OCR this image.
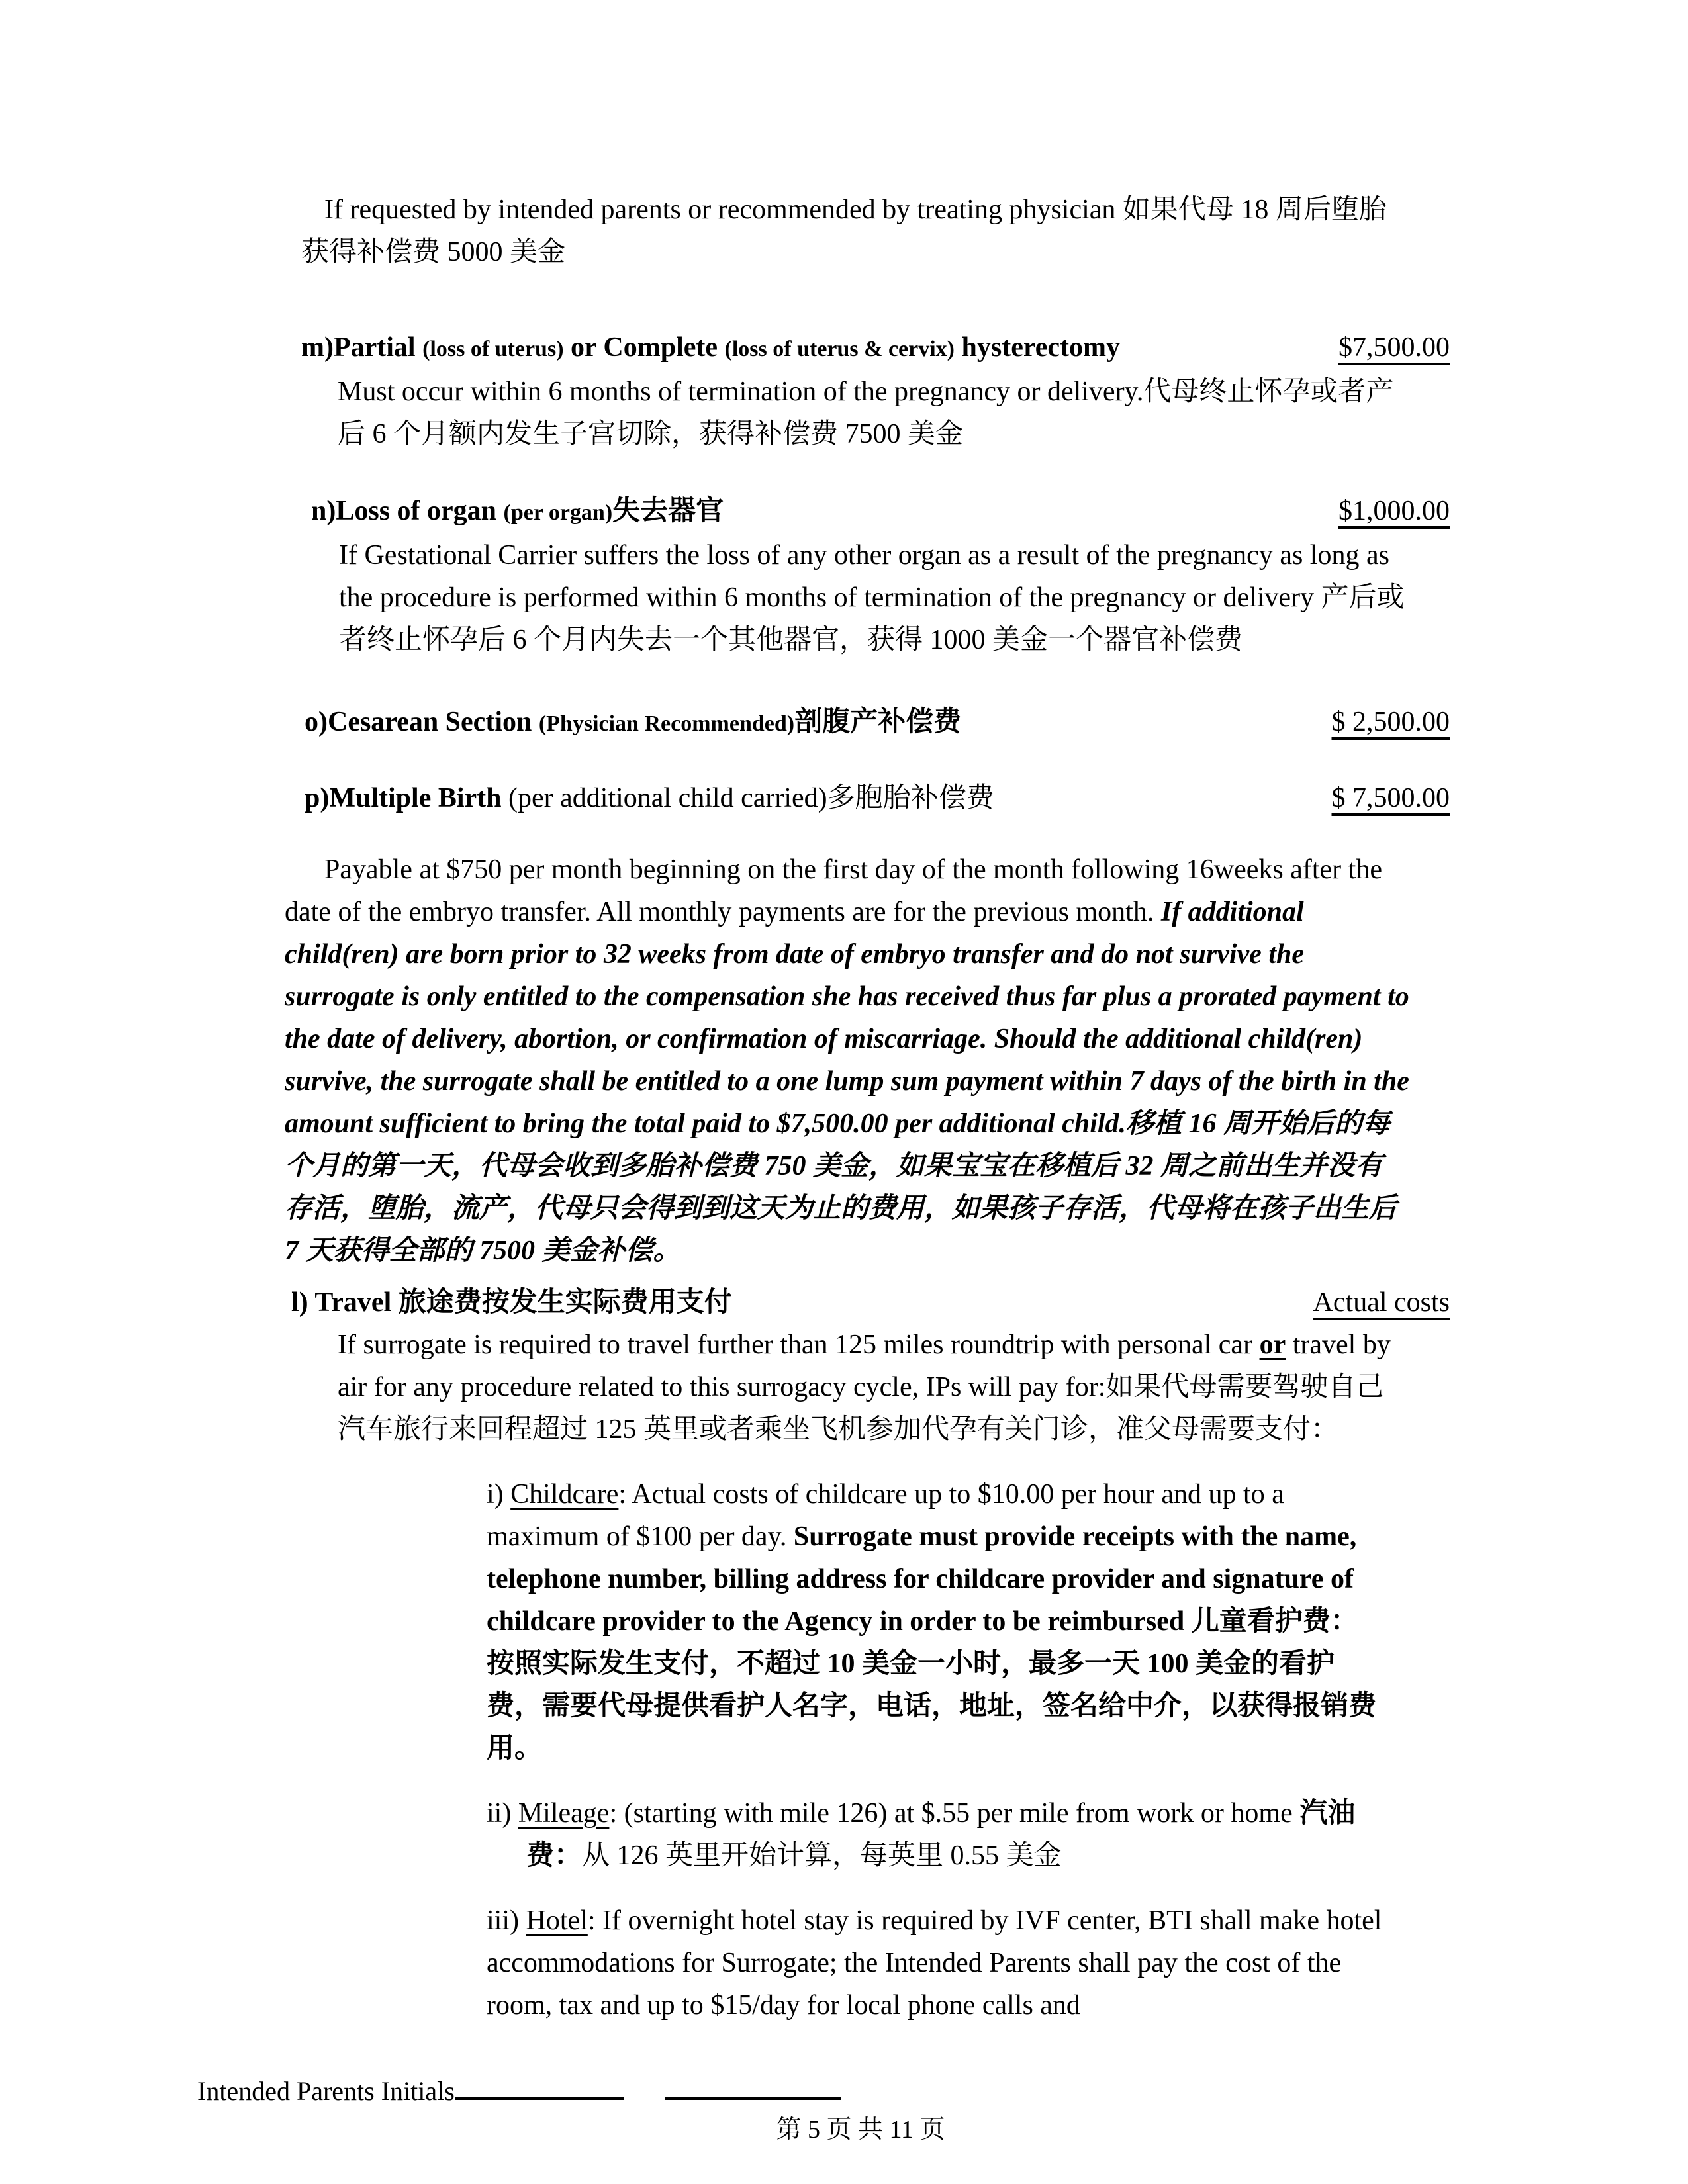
If requested by intended parents or recommended by treating physician 如果代母 18 周后堕胎获得补偿费 5000 美金

m)Partial (loss of uterus) or Complete (loss of uterus & cervix) hysterectomy	$7,500.00

Must occur within 6 months of termination of the pregnancy or delivery.代母终止怀孕或者产后 6 个月额内发生子宫切除，获得补偿费 7500 美金

n)Loss of organ (per organ)失去器官	$1,000.00

If Gestational Carrier suffers the loss of any other organ as a result of the pregnancy as long as the procedure is performed within 6 months of termination of the pregnancy or delivery 产后或者终止怀孕后 6 个月内失去一个其他器官，获得 1000 美金一个器官补偿费

o)Cesarean Section (Physician Recommended)剖腹产补偿费	$ 2,500.00
p)Multiple Birth (per additional child carried)多胞胎补偿费	$ 7,500.00

Payable at $750 per month beginning on the first day of the month following 16weeks after the date of the embryo transfer. All monthly payments are for the previous month. If additional child(ren) are born prior to 32 weeks from date of embryo transfer and do not survive the surrogate is only entitled to the compensation she has received thus far plus a prorated payment to the date of delivery, abortion, or confirmation of miscarriage. Should the additional child(ren) survive, the surrogate shall be entitled to a one lump sum payment within 7 days of the birth in the amount sufficient to bring the total paid to $7,500.00 per additional child.移植 16 周开始后的每个月的第一天，代母会收到多胎补偿费 750 美金，如果宝宝在移植后 32 周之前出生并没有存活，堕胎，流产，代母只会得到到这天为止的费用，如果孩子存活，代母将在孩子出生后 7 天获得全部的 7500 美金补偿。

l) Travel 旅途费按发生实际费用支付	Actual costs

If surrogate is required to travel further than 125 miles roundtrip with personal car or travel by air for any procedure related to this surrogacy cycle, IPs will pay for:如果代母需要驾驶自己 汽车旅行来回程超过 125 英里或者乘坐飞机参加代孕有关门诊，准父母需要支付：

i) Childcare: Actual costs of childcare up to $10.00 per hour and up to a maximum of $100 per day. Surrogate must provide receipts with the name, telephone number, billing address for childcare provider and signature of childcare provider to the Agency in order to be reimbursed 儿童看护费：按照实际发生支付，不超过 10 美金一小时，最多一天 100 美金的看护费，需要代母提供看护人名字，电话，地址，签名给中介，以获得报销费用。

ii) Mileage: (starting with mile 126) at $.55 per mile from work or home 汽油费：从 126 英里开始计算，每英里 0.55 美金

iii) Hotel: If overnight hotel stay is required by IVF center, BTI shall make hotel accommodations for Surrogate; the Intended Parents shall pay the cost of the room, tax and up to $15/day for local phone calls and

Intended Parents Initials
第 5 页 共 11 页
